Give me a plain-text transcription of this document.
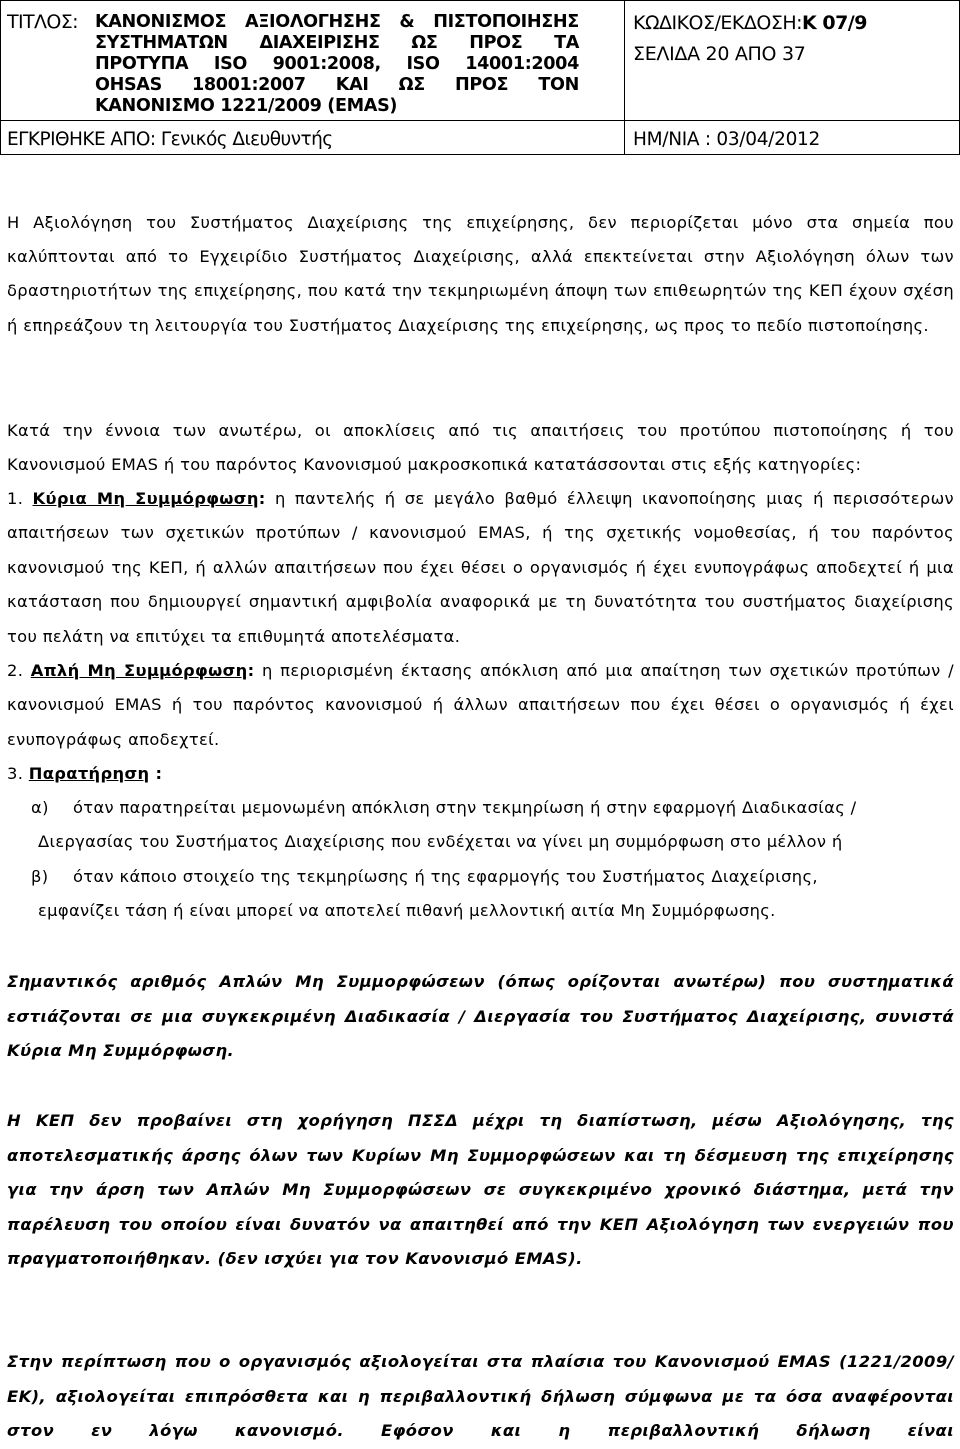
ΤΙΤΛΟΣ: ΚΑΝΟΝΙΣΜΟΣ ΑΞΙΟΛΟΓΗΣΗΣ & ΠΙΣΤΟΠΟΙΗΣΗΣ
ΣΥΣΤΗΜΑΤΩΝ ΔΙΑΧΕΙΡΙΣΗΣ ΩΣ ΠΡΟΣ ΤΑ
ΠΡΟΤΥΠΑ ISO 9001:2008, ISO 14001:2004
OHSAS 18001:2007 ΚΑΙ ΩΣ ΠΡΟΣ ΤΟΝ
ΚΑΝΟΝΙΣΜΟ 1221/2009 (EMAS)
ΚΩΔΙΚΟΣ/ΕΚΔΟΣΗ:Κ 07/9
ΣΕΛΙΔΑ 20 ΑΠΟ 37
ΕΓΚΡΙΘΗΚΕ ΑΠΟ: Γενικός Διευθυντής	ΗΜ/ΝΙΑ : 03/04/2012
Η Αξιολόγηση του Συστήματος Διαχείρισης της επιχείρησης, δεν περιορίζεται μόνο στα σημεία που καλύπτονται από το Εγχειρίδιο Συστήματος Διαχείρισης, αλλά επεκτείνεται στην Αξιολόγηση όλων των δραστηριοτήτων της επιχείρησης, που κατά την τεκμηριωμένη άποψη των επιθεωρητών της ΚΕΠ έχουν σχέση ή επηρεάζουν τη λειτουργία του Συστήματος Διαχείρισης της επιχείρησης, ως προς το πεδίο πιστοποίησης.
Κατά την έννοια των ανωτέρω, οι αποκλίσεις από τις απαιτήσεις του προτύπου πιστοποίησης ή του Κανονισμού EMAS ή του παρόντος Κανονισμού μακροσκοπικά κατατάσσονται στις εξής κατηγορίες:
1. Κύρια Μη Συμμόρφωση: η παντελής ή σε μεγάλο βαθμό έλλειψη ικανοποίησης μιας ή περισσότερων απαιτήσεων των σχετικών προτύπων / κανονισμού EMAS, ή της σχετικής νομοθεσίας, ή του παρόντος κανονισμού της ΚΕΠ, ή αλλών απαιτήσεων που έχει θέσει ο οργανισμός ή έχει ενυπογράφως αποδεχτεί ή μια κατάσταση που δημιουργεί σημαντική αμφιβολία αναφορικά με τη δυνατότητα του συστήματος διαχείρισης του πελάτη να επιτύχει τα επιθυμητά αποτελέσματα.
2. Απλή Μη Συμμόρφωση: η περιορισμένη έκτασης απόκλιση από μια απαίτηση των σχετικών προτύπων / κανονισμού EMAS ή του παρόντος κανονισμού ή άλλων απαιτήσεων που έχει θέσει ο οργανισμός ή έχει ενυπογράφως αποδεχτεί.
3. Παρατήρηση :
α) όταν παρατηρείται μεμονωμένη απόκλιση στην τεκμηρίωση ή στην εφαρμογή Διαδικασίας /
Διεργασίας του Συστήματος Διαχείρισης που ενδέχεται να γίνει μη συμμόρφωση στο μέλλον ή
β) όταν κάποιο στοιχείο της τεκμηρίωσης ή της εφαρμογής του Συστήματος Διαχείρισης,
εμφανίζει τάση ή είναι μπορεί να αποτελεί πιθανή μελλοντική αιτία Μη Συμμόρφωσης.
Σημαντικός αριθμός Απλών Μη Συμμορφώσεων (όπως ορίζονται ανωτέρω) που συστηματικά εστιάζονται σε μια συγκεκριμένη Διαδικασία / Διεργασία του Συστήματος Διαχείρισης, συνιστά Κύρια Μη Συμμόρφωση.
Η ΚΕΠ δεν προβαίνει στη χορήγηση ΠΣΣΔ μέχρι τη διαπίστωση, μέσω Αξιολόγησης, της αποτελεσματικής άρσης όλων των Κυρίων Μη Συμμορφώσεων και τη δέσμευση της επιχείρησης για την άρση των Απλών Μη Συμμορφώσεων σε συγκεκριμένο χρονικό διάστημα, μετά την παρέλευση του οποίου είναι δυνατόν να απαιτηθεί από την ΚΕΠ Αξιολόγηση των ενεργειών που πραγματοποιήθηκαν. (δεν ισχύει για τον Κανονισμό EMAS).
Στην περίπτωση που ο οργανισμός αξιολογείται στα πλαίσια του Κανονισμού EMAS (1221/2009/ΕΚ), αξιολογείται επιπρόσθετα και η περιβαλλοντική δήλωση σύμφωνα με τα όσα αναφέρονται στον εν λόγω κανονισμό. Εφόσον και η περιβαλλοντική δήλωση είναι
